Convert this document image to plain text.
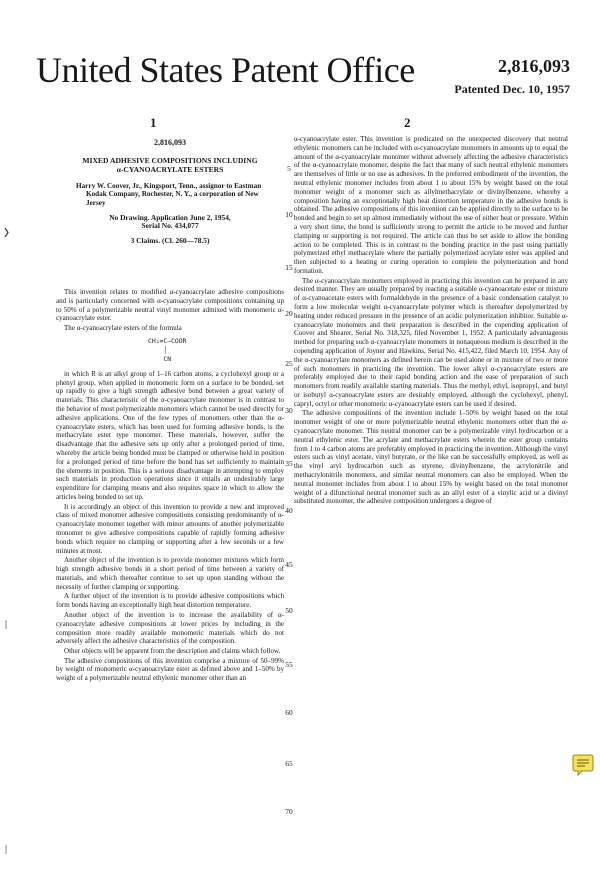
United States Patent Office	2,816,093
Patented Dec. 10, 1957
1	2
2,816,093
MIXED ADHESIVE COMPOSITIONS INCLUDING
α-CYANOACRYLATE ESTERS
Harry W. Coover, Jr., Kingsport, Tenn., assignor to Eastman Kodak Company, Rochester, N. Y., a corporation of New Jersey
No Drawing. Application June 2, 1954,
Serial No. 434,077
3 Claims. (Cl. 260—78.5)

This invention relates to modified α-cyanoacrylate adhesive compositions and is particularly concerned with α-cyanoacrylate compositions containing up to 50% of a polymerizable neutral vinyl monomer admixed with monomeric α-cyanoacrylate ester.

The α-cyanoacrylate esters of the formula

CH₂=C—COOR
│
CN

in which R is an alkyl group of 1–16 carbon atoms, a cyclohexyl group or a phenyl group, when applied in monomeric form on a surface to be bonded, set up rapidly to give a high strength adhesive bond between a great variety of materials. This characteristic of the α-cyanoacrylate monomer is in contrast to the behavior of most polymerizable monomers which cannot be used directly for adhesive applications. One of the few types of monomers other than the α-cyanoacrylate esters, which has been used for forming adhesive bonds, is the methacrylate ester type monomer. These materials, however, suffer the disadvantage that the adhesive sets up only after a prolonged period of time, whereby the article being bonded must be clamped or otherwise held in position for a prolonged period of time before the bond has set sufficiently to maintain the elements in position. This is a serious disadvantage in attempting to employ such materials in production operations since it entails an undesirably large expenditure for clamping means and also requires space in which to allow the articles being bonded to set up.

It is accordingly an object of this invention to provide a new and improved class of mixed monomer adhesive compositions consisting predominantly of α-cyanoacrylate monomer together with minor amounts of another polymerizable monomer to give adhesive compositions capable of rapidly forming adhesive bonds which require no clamping or supporting after a few seconds or a few minutes at most.

Another object of the invention is to provide monomer mixtures which form high strength adhesive bonds in a short period of time between a variety of materials, and which thereafter continue to set up upon standing without the necessity of further clamping or supporting.

A further object of the invention is to provide adhesive compositions which form bonds having an exceptionally high heat distortion temperature.

Another object of the invention is to increase the availability of α-cyanoacrylate adhesive compositions at lower prices by including in the composition more readily available monomeric materials which do not adversely affect the adhesive characteristics of the composition.

Other objects will be apparent from the description and claims which follow.

The adhesive compositions of this invention comprise a mixture of 50–99% by weight of monomeric α-cyanoacrylate ester as defined above and 1–50% by weight of a polymerizable neutral ethylenic monomer other than an

5
10
15
20
25
30
35
40
45
50
55
60
65
70

α-cyanoacrylate ester. This invention is predicated on the unexpected discovery that neutral ethylenic monomers can be included with α-cyanoacrylate monomers in amounts up to equal the amount of the α-cyanoacrylate monomer without adversely affecting the adhesive characteristics of the α-cyanoacrylate monomer, despite the fact that many of such neutral ethylenic monomers are themselves of little or no use as adhesives. In the preferred embodiment of the invention, the neutral ethylenic monomer includes from about 1 to about 15% by weight based on the total monomer weight of a monomer such as allylmethacrylate or divinylbenzene, whereby a composition having an exceptionally high heat distortion temperature in the adhesive bonds is obtained. The adhesive compositions of this invention can be applied directly to the surface to be bonded and begin to set up almost immediately without the use of either heat or pressure. Within a very short time, the bond is sufficiently strong to permit the article to be moved and further clamping or supporting is not required. The article can thus be set aside to allow the bonding action to be completed. This is in contrast to the bonding practice in the past using partially polymerized ethyl methacrylate where the partially polymerized acrylate ester was applied and then subjected to a heating or curing operation to complete the polymerization and bond formation.

The α-cyanoacrylate monomers employed in practicing this invention can be prepared in any desired manner. They are usually prepared by reacting a suitable α-cyanoacetate ester or mixture of α-cyanoacetate esters with formaldehyde in the presence of a basic condensation catalyst to form a low molecular weight α-cyanoacrylate polymer which is thereafter depolymerized by heating under reduced pressure in the presence of an acidic polymerization inhibitor. Suitable α-cyanoacrylate monomers and their preparation is described in the copending application of Coover and Shearer, Serial No. 318,325, filed November 1, 1952. A particularly advantageous method for preparing such α-cyanoacrylate monomers in nonaqueous medium is described in the copending application of Joyner and Hawkins, Serial No. 415,422, filed March 10, 1954. Any of the α-cyanoacrylate monomers as defined herein can be used alone or in mixture of two or more of such monomers in practicing the invention. The lower alkyl α-cyanoacrylate esters are preferably employed due to their rapid bonding action and the ease of preparation of such monomers from readily available starting materials. Thus the methyl, ethyl, isopropyl, and butyl or isobutyl α-cyanoacrylate esters are desirably employed, although the cyclohexyl, phenyl, capryl, octyl or other monomeric α-cyanoacrylate esters can be used if desired.

The adhesive compositions of the invention include 1–50% by weight based on the total monomer weight of one or more polymerizable neutral ethylenic monomers other than the α-cyanoacrylate monomer. This neutral monomer can be a polymerizable vinyl hydrocarbon or a neutral ethylenic ester. The acrylate and methacrylate esters wherein the ester group contains from 1 to 4 carbon atoms are preferably employed in practicing the invention. Although the vinyl esters such as vinyl acetate, vinyl butyrate, or the like can be successfully employed, as well as the vinyl aryl hydrocarbon such as styrene, divinylbenzene, the acrylonitrile and methacrylonitrile monomers, and similar neutral monomers can also be employed. When the neutral monomer includes from about 1 to about 15% by weight based on the total monomer weight of a difunctional neutral monomer such as an allyl ester of a vinylic acid or a divinyl substituted monomer, the adhesive composition undergoes a degree of
